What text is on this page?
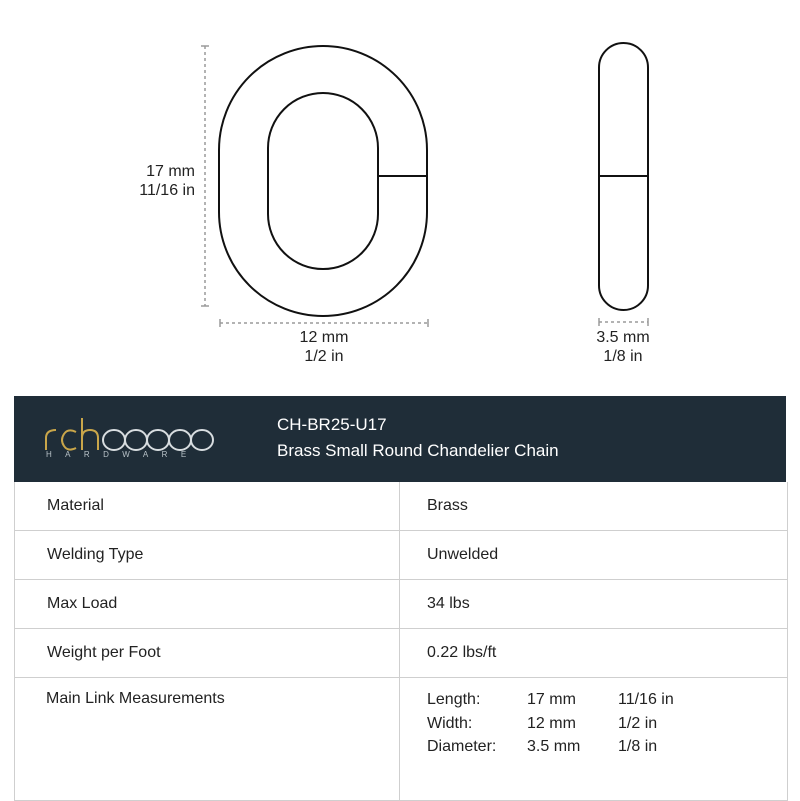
17 mm
11/16 in
12 mm
1/2 in
3.5 mm
1/8 in
HARDWARE
CH-BR25-U17
Brass Small Round Chandelier Chain
Material	Brass
Welding Type	Unwelded
Max Load	34 lbs
Weight per Foot	0.22 lbs/ft
Main Link Measurements	Length:	17 mm	11/16 in
Width:	12 mm	1/2 in
Diameter:	3.5 mm	1/8 in
